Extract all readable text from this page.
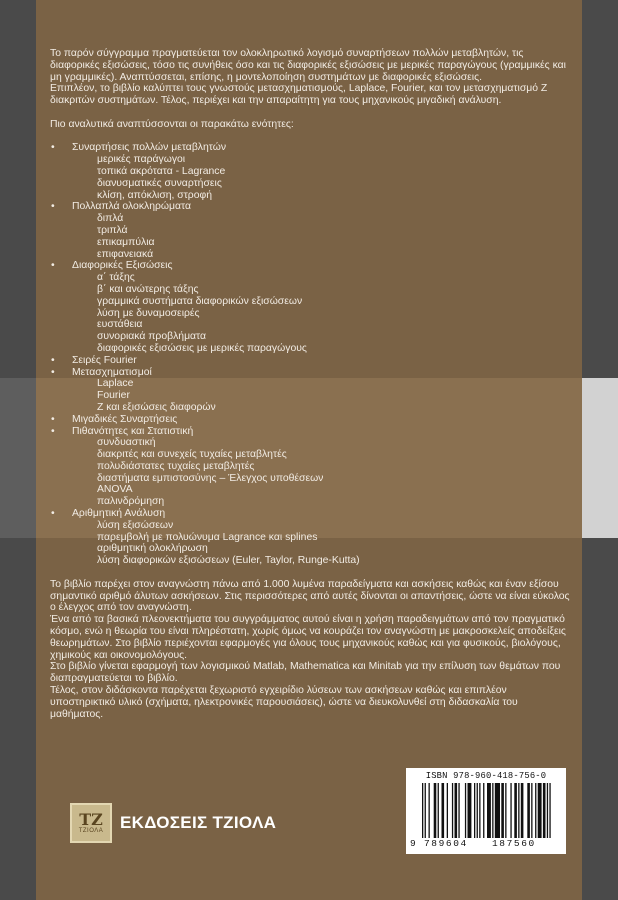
Το παρόν σύγγραμμα πραγματεύεται τον ολοκληρωτικό λογισμό συναρτήσεων πολλών μεταβλητών, τις διαφορικές εξισώσεις, τόσο τις συνήθεις όσο και τις διαφορικές εξισώσεις με μερικές παραγώγους (γραμμικές και μη γραμμικές). Αναπτύσσεται, επίσης, η μοντελοποίηση συστημάτων με διαφορικές εξισώσεις.

Επιπλέον, το βιβλίο καλύπτει τους γνωστούς μετασχηματισμούς, Laplace, Fourier, και τον μετασχηματισμό Ζ διακριτών συστημάτων. Τέλος, περιέχει και την απαραίτητη για τους μηχανικούς μιγαδική ανάλυση.

Πιο αναλυτικά αναπτύσσονται οι παρακάτω ενότητες:

• Συναρτήσεις πολλών μεταβλητών
μερικές παράγωγοι
τοπικά ακρότατα - Lagrance
διανυσματικές συναρτήσεις
κλίση, απόκλιση, στροφή
• Πολλαπλά ολοκληρώματα
διπλά
τριπλά
επικαμπύλια
επιφανειακά
• Διαφορικές Εξισώσεις
α΄ τάξης
β΄ και ανώτερης τάξης
γραμμικά συστήματα διαφορικών εξισώσεων
λύση με δυναμοσειρές
ευστάθεια
συνοριακά προβλήματα
διαφορικές εξισώσεις με μερικές παραγώγους
• Σειρές Fourier
• Μετασχηματισμοί
Laplace
Fourier
Ζ και εξισώσεις διαφορών
• Μιγαδικές Συναρτήσεις
• Πιθανότητες και Στατιστική
συνδυαστική
διακριτές και συνεχείς τυχαίες μεταβλητές
πολυδιάστατες τυχαίες μεταβλητές
διαστήματα εμπιστοσύνης – Έλεγχος υποθέσεων
ANOVA
παλινδρόμηση
• Αριθμητική Ανάλυση
λύση εξισώσεων
παρεμβολή με πολυώνυμα Lagrance και splines
αριθμητική ολοκλήρωση
λύση διαφορικών εξισώσεων (Euler, Taylor, Runge-Kutta)

Το βιβλίο παρέχει στον αναγνώστη πάνω από 1.000 λυμένα παραδείγματα και ασκήσεις καθώς και έναν εξίσου σημαντικό αριθμό άλυτων ασκήσεων. Στις περισσότερες από αυτές δίνονται οι απαντήσεις, ώστε να είναι εύκολος ο έλεγχος από τον αναγνώστη.

Ένα από τα βασικά πλεονεκτήματα του συγγράμματος αυτού είναι η χρήση παραδειγμάτων από τον πραγματικό κόσμο, ενώ η θεωρία του είναι πληρέστατη, χωρίς όμως να κουράζει τον αναγνώστη με μακροσκελείς αποδείξεις θεωρημάτων. Στο βιβλίο περιέχονται εφαρμογές για όλους τους μηχανικούς καθώς και για φυσικούς, βιολόγους, χημικούς και οικονομολόγους.

Στο βιβλίο γίνεται εφαρμογή των λογισμικού Matlab, Mathematica και Minitab για την επίλυση των θεμάτων που διαπραγματεύεται το βιβλίο.

Τέλος, στον διδάσκοντα παρέχεται ξεχωριστό εγχειρίδιο λύσεων των ασκήσεων καθώς και επιπλέον υποστηρικτικό υλικό (σχήματα, ηλεκτρονικές παρουσιάσεις), ώστε να διευκολυνθεί στη διδασκαλία του μαθήματος.

ΤΖ
ΤΖΙΟΛΑ ΕΚΔΟΣΕΙΣ ΤΖΙΟΛΑ
ISBN 978-960-418-756-0
9 789604	187560
